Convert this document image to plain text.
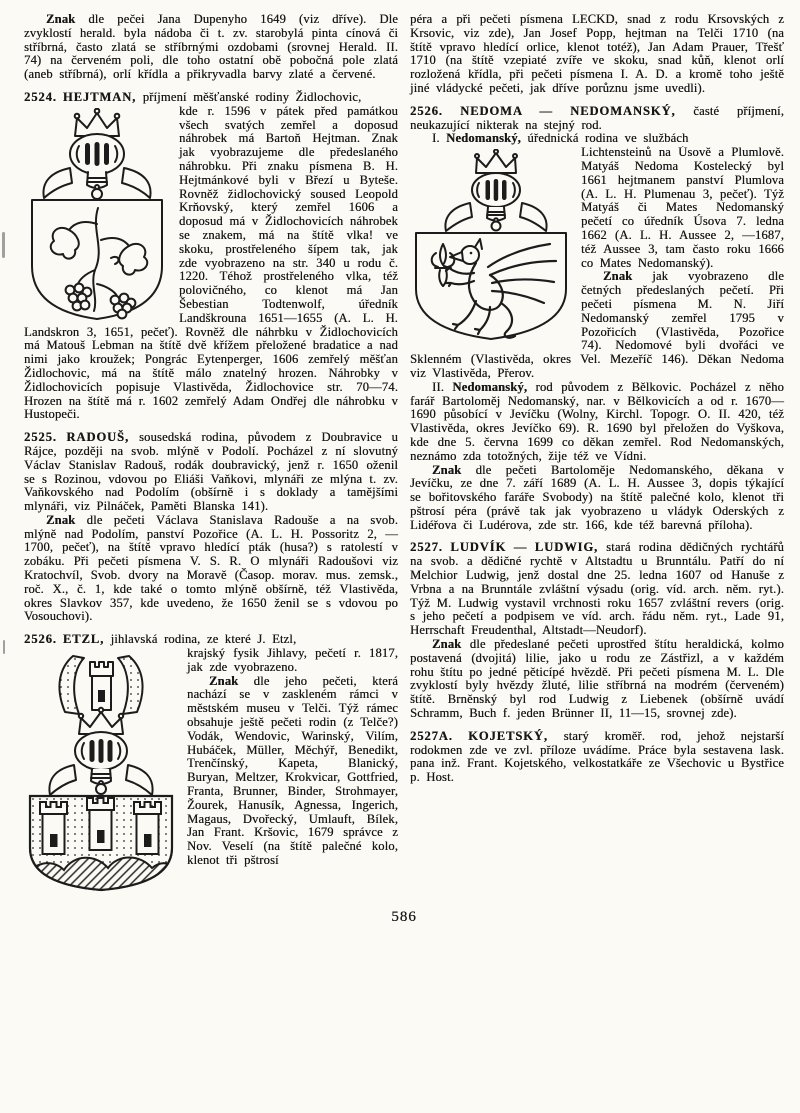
Znak dle pečei Jana Dupenyho 1649 (viz dříve). Dle zvyklostí herald. byla nádoba či t. zv. starobylá pinta cínová či stříbrná, často zlatá se stříbrnými ozdobami (srovnej Herald. II. 74) na červeném poli, dle toho ostatní obě pobočná pole zlatá (aneb stříbrná), orlí křídla a přikryvadla barvy zlaté a červené.

2524. HEJTMAN, příjmení měšťanské rodiny Židlochovic,

kde r. 1596 v pátek před památkou všech svatých zemřel a doposud náhrobek má Bartoň Hejtman. Znak jak vyobrazujeme dle předeslaného náhrobku. Při znaku písmena B. H. Hejtmánkové byli v Březí u Byteše. Rovněž židlochovický soused Leopold Krňovský, který zemřel 1606 a doposud má v Židlochovicích náhrobek se znakem, má na štítě vlka! ve skoku, prostřeleného šípem tak, jak zde vyobrazeno na str. 340 u rodu č. 1220. Téhož prostřeleného vlka, též polovičného, co klenot má Jan Šebestian Todtenwolf, úředník Landškrouna 1651—1655 (A. L. H. Landskron 3, 1651, pečeť). Rovněž dle náhrbku v Židlochovicích má Matouš Lebman na štítě dvě křížem přeložené bradatice a nad nimi jako kroužek; Pongrác Eytenperger, 1606 zemřelý měšťan Židlochovic, má na štítě málo znatelný hrozen. Náhrobky v Židlochovicích popisuje Vlastivěda, Židlochovice str. 70—74. Hrozen na štítě má r. 1602 zemřelý Adam Ondřej dle náhrobku v Hustopeči.

2525. RADOUŠ, sousedská rodina, původem z Doubravice u Rájce, později na svob. mlýně v Podolí. Pocházel z ní slovutný Václav Stanislav Radouš, rodák doubravický, jenž r. 1650 oženil se s Rozinou, vdovou po Eliáši Vaňkovi, mlynáři ze mlýna t. zv. Vaňkovského nad Podolím (obšírně i s doklady a tamějšími mlynáři, viz Pilnáček, Paměti Blanska 141).

Znak dle pečeti Václava Stanislava Radouše a na svob. mlýně nad Podolím, panství Pozořice (A. L. H. Possoritz 2, —1700, pečeť), na štítě vpravo hledící pták (husa?) s ratolestí v zobáku. Při pečeti písmena V. S. R. O mlynáři Radoušovi viz Kratochvíl, Svob. dvory na Moravě (Časop. morav. mus. zemsk., roč. X., č. 1, kde také o tomto mlýně obšírně, též Vlastivěda, okres Slavkov 357, kde uvedeno, že 1650 ženil se s vdovou po Vosouchovi).

2526. ETZL, jihlavská rodina, ze které J. Etzl,

krajský fysik Jihlavy, pečetí r. 1817, jak zde vyobrazeno.

Znak dle jeho pečeti, která nachází se v zaskleném rámci v městském museu v Telči. Týž rámec obsahuje ještě pečeti rodin (z Telče?) Vodák, Wendovic, Warinský, Vilím, Hubáček, Müller, Měchýř, Benedikt, Trenčínský, Kapeta, Blanický, Buryan, Meltzer, Krokvicar, Gottfried, Franta, Brunner, Binder, Strohmayer, Žourek, Hanusík, Agnessa, Ingerich, Magaus, Dvořecký, Umlauft, Bílek, Jan Frant. Kršovic, 1679 správce z Nov. Veselí (na štítě palečné kolo, klenot tři pštrosí

péra a při pečeti písmena LECKD, snad z rodu Krsovských z Krsovic, viz zde), Jan Josef Popp, hejtman na Telči 1710 (na štítě vpravo hledící orlice, klenot totéž), Jan Adam Prauer, Třešť 1710 (na štítě vzepiaté zvíře ve skoku, snad kůň, klenot orlí rozložená křídla, při pečeti písmena I. A. D. a kromě toho ještě jiné vládycké pečeti, jak dříve porůznu jsme uvedli).

2526. NEDOMA — NEDOMANSKÝ, časté příjmení, neukazující nikterak na stejný rod.

I. Nedomanský, úřednická rodina ve službách

Lichtensteinů na Úsově a Plumlově. Matyáš Nedoma Kostelecký byl 1661 hejtmanem panství Plumlova (A. L. H. Plumenau 3, pečeť). Týž Matyáš či Mates Nedomanský pečetí co úředník Úsova 7. ledna 1662 (A. L. H. Aussee 2, —1687, též Aussee 3, tam často roku 1666 co Mates Nedomanský).

Znak jak vyobrazeno dle četných předeslaných pečetí. Při pečeti písmena M. N. Jiří Nedomanský zemřel 1795 v Pozořicích (Vlastivěda, Pozořice 74). Nedomové byli dvořáci ve Sklenném (Vlastivěda, okres Vel. Mezeříč 146). Děkan Nedoma viz Vlastivěda, Přerov.

II. Nedomanský, rod původem z Bělkovic. Pocházel z něho farář Bartoloměj Nedomanský, nar. v Bělkovicích a od r. 1670—1690 působící v Jevíčku (Wolny, Kirchl. Topogr. O. II. 420, též Vlastivěda, okres Jevíčko 69). R. 1690 byl přeložen do Vyškova, kde dne 5. června 1699 co děkan zemřel. Rod Nedomanských, neznámo zda totožných, žije též ve Vídni.

Znak dle pečeti Bartoloměje Nedomanského, děkana v Jevíčku, ze dne 7. září 1689 (A. L. H. Aussee 3, dopis týkající se bořitovského faráře Svobody) na štítě palečné kolo, klenot tři pštrosí péra (právě tak jak vyobrazeno u vládyk Oderských z Lidéřova či Ludérova, zde str. 166, kde též barevná příloha).

2527. LUDVÍK — LUDWIG, stará rodina dědičných rychtářů na svob. a dědičné rychtě v Altstadtu u Brunntálu. Patří do ní Melchior Ludwig, jenž dostal dne 25. ledna 1607 od Hanuše z Vrbna a na Brunntále zvláštní výsadu (orig. víd. arch. něm. ryt.). Týž M. Ludwig vystavil vrchnosti roku 1657 zvláštní revers (orig. s jeho pečetí a podpisem ve víd. arch. řádu něm. ryt., Lade 91, Herrschaft Freudenthal, Altstadt—Neudorf).

Znak dle předeslané pečeti uprostřed štítu heraldická, kolmo postavená (dvojitá) lilie, jako u rodu ze Zástřizl, a v každém rohu štítu po jedné pěticípé hvězdě. Při pečeti písmena M. L. Dle zvyklostí byly hvězdy žluté, lilie stříbrná na modrém (červeném) štítě. Brněnský byl rod Ludwig z Liebenek (obšírně uvádí Schramm, Buch f. jeden Brünner II, 11—15, srovnej zde).

2527A. KOJETSKÝ, starý kroměř. rod, jehož nejstarší rodokmen zde ve zvl. příloze uvádíme. Práce byla sestavena lask. pana inž. Frant. Kojetského, velkostatkáře ze Všechovic u Bystřice p. Host.

586
